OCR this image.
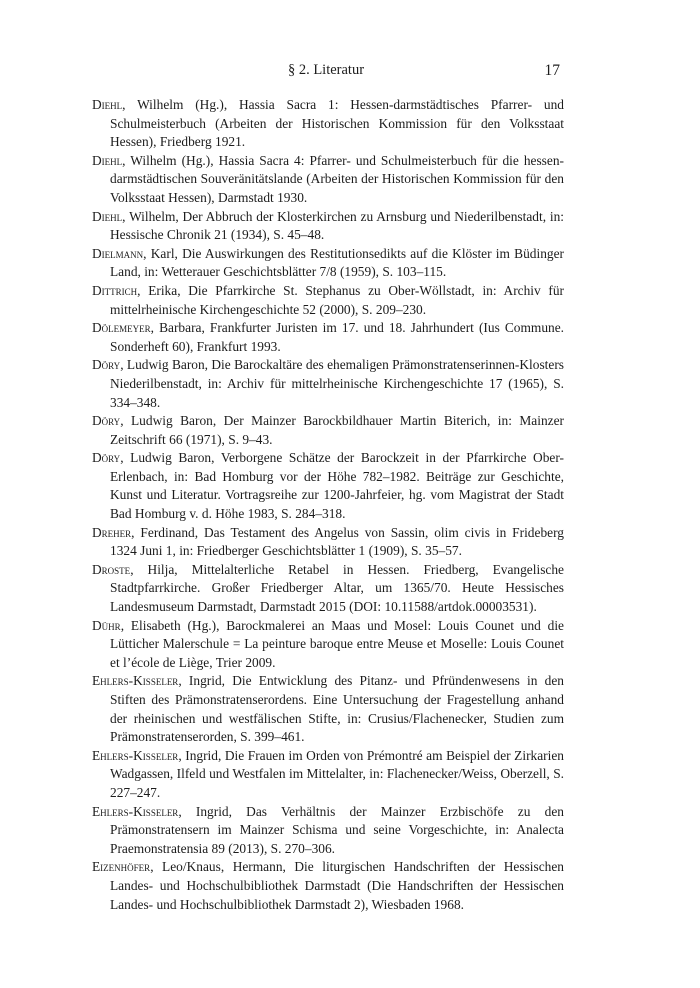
§ 2. Literatur	17

Diehl, Wilhelm (Hg.), Hassia Sacra 1: Hessen-darmstädtisches Pfarrer- und Schulmeisterbuch (Arbeiten der Historischen Kommission für den Volksstaat Hessen), Friedberg 1921.

Diehl, Wilhelm (Hg.), Hassia Sacra 4: Pfarrer- und Schulmeisterbuch für die hessen-darmstädtischen Souveränitätslande (Arbeiten der Historischen Kommission für den Volksstaat Hessen), Darmstadt 1930.

Diehl, Wilhelm, Der Abbruch der Klosterkirchen zu Arnsburg und Niederilbenstadt, in: Hessische Chronik 21 (1934), S. 45–48.

Dielmann, Karl, Die Auswirkungen des Restitutionsedikts auf die Klöster im Büdinger Land, in: Wetterauer Geschichtsblätter 7/8 (1959), S. 103–115.

Dittrich, Erika, Die Pfarrkirche St. Stephanus zu Ober-Wöllstadt, in: Archiv für mittelrheinische Kirchengeschichte 52 (2000), S. 209–230.

Dölemeyer, Barbara, Frankfurter Juristen im 17. und 18. Jahrhundert (Ius Commune. Sonderheft 60), Frankfurt 1993.

Döry, Ludwig Baron, Die Barockaltäre des ehemaligen Prämonstratenserinnen-Klosters Niederilbenstadt, in: Archiv für mittelrheinische Kirchengeschichte 17 (1965), S. 334–348.

Döry, Ludwig Baron, Der Mainzer Barockbildhauer Martin Biterich, in: Mainzer Zeitschrift 66 (1971), S. 9–43.

Döry, Ludwig Baron, Verborgene Schätze der Barockzeit in der Pfarrkirche Ober-Erlenbach, in: Bad Homburg vor der Höhe 782–1982. Beiträge zur Geschichte, Kunst und Literatur. Vortragsreihe zur 1200-Jahrfeier, hg. vom Magistrat der Stadt Bad Homburg v. d. Höhe 1983, S. 284–318.

Dreher, Ferdinand, Das Testament des Angelus von Sassin, olim civis in Frideberg 1324 Juni 1, in: Friedberger Geschichtsblätter 1 (1909), S. 35–57.

Droste, Hilja, Mittelalterliche Retabel in Hessen. Friedberg, Evangelische Stadtpfarrkirche. Großer Friedberger Altar, um 1365/70. Heute Hessisches Landesmuseum Darmstadt, Darmstadt 2015 (DOI: 10.11588/artdok.00003531).

Dühr, Elisabeth (Hg.), Barockmalerei an Maas und Mosel: Louis Counet und die Lütticher Malerschule = La peinture baroque entre Meuse et Moselle: Louis Counet et l’école de Liège, Trier 2009.

Ehlers-Kisseler, Ingrid, Die Entwicklung des Pitanz- und Pfründenwesens in den Stiften des Prämonstratenserordens. Eine Untersuchung der Fragestellung anhand der rheinischen und westfälischen Stifte, in: Crusius/Flachenecker, Studien zum Prämonstratenserorden, S. 399–461.

Ehlers-Kisseler, Ingrid, Die Frauen im Orden von Prémontré am Beispiel der Zirkarien Wadgassen, Ilfeld und Westfalen im Mittelalter, in: Flachenecker/Weiss, Oberzell, S. 227–247.

Ehlers-Kisseler, Ingrid, Das Verhältnis der Mainzer Erzbischöfe zu den Prämonstratensern im Mainzer Schisma und seine Vorgeschichte, in: Analecta Praemonstratensia 89 (2013), S. 270–306.

Eizenhöfer, Leo/Knaus, Hermann, Die liturgischen Handschriften der Hessischen Landes- und Hochschulbibliothek Darmstadt (Die Handschriften der Hessischen Landes- und Hochschulbibliothek Darmstadt 2), Wiesbaden 1968.
